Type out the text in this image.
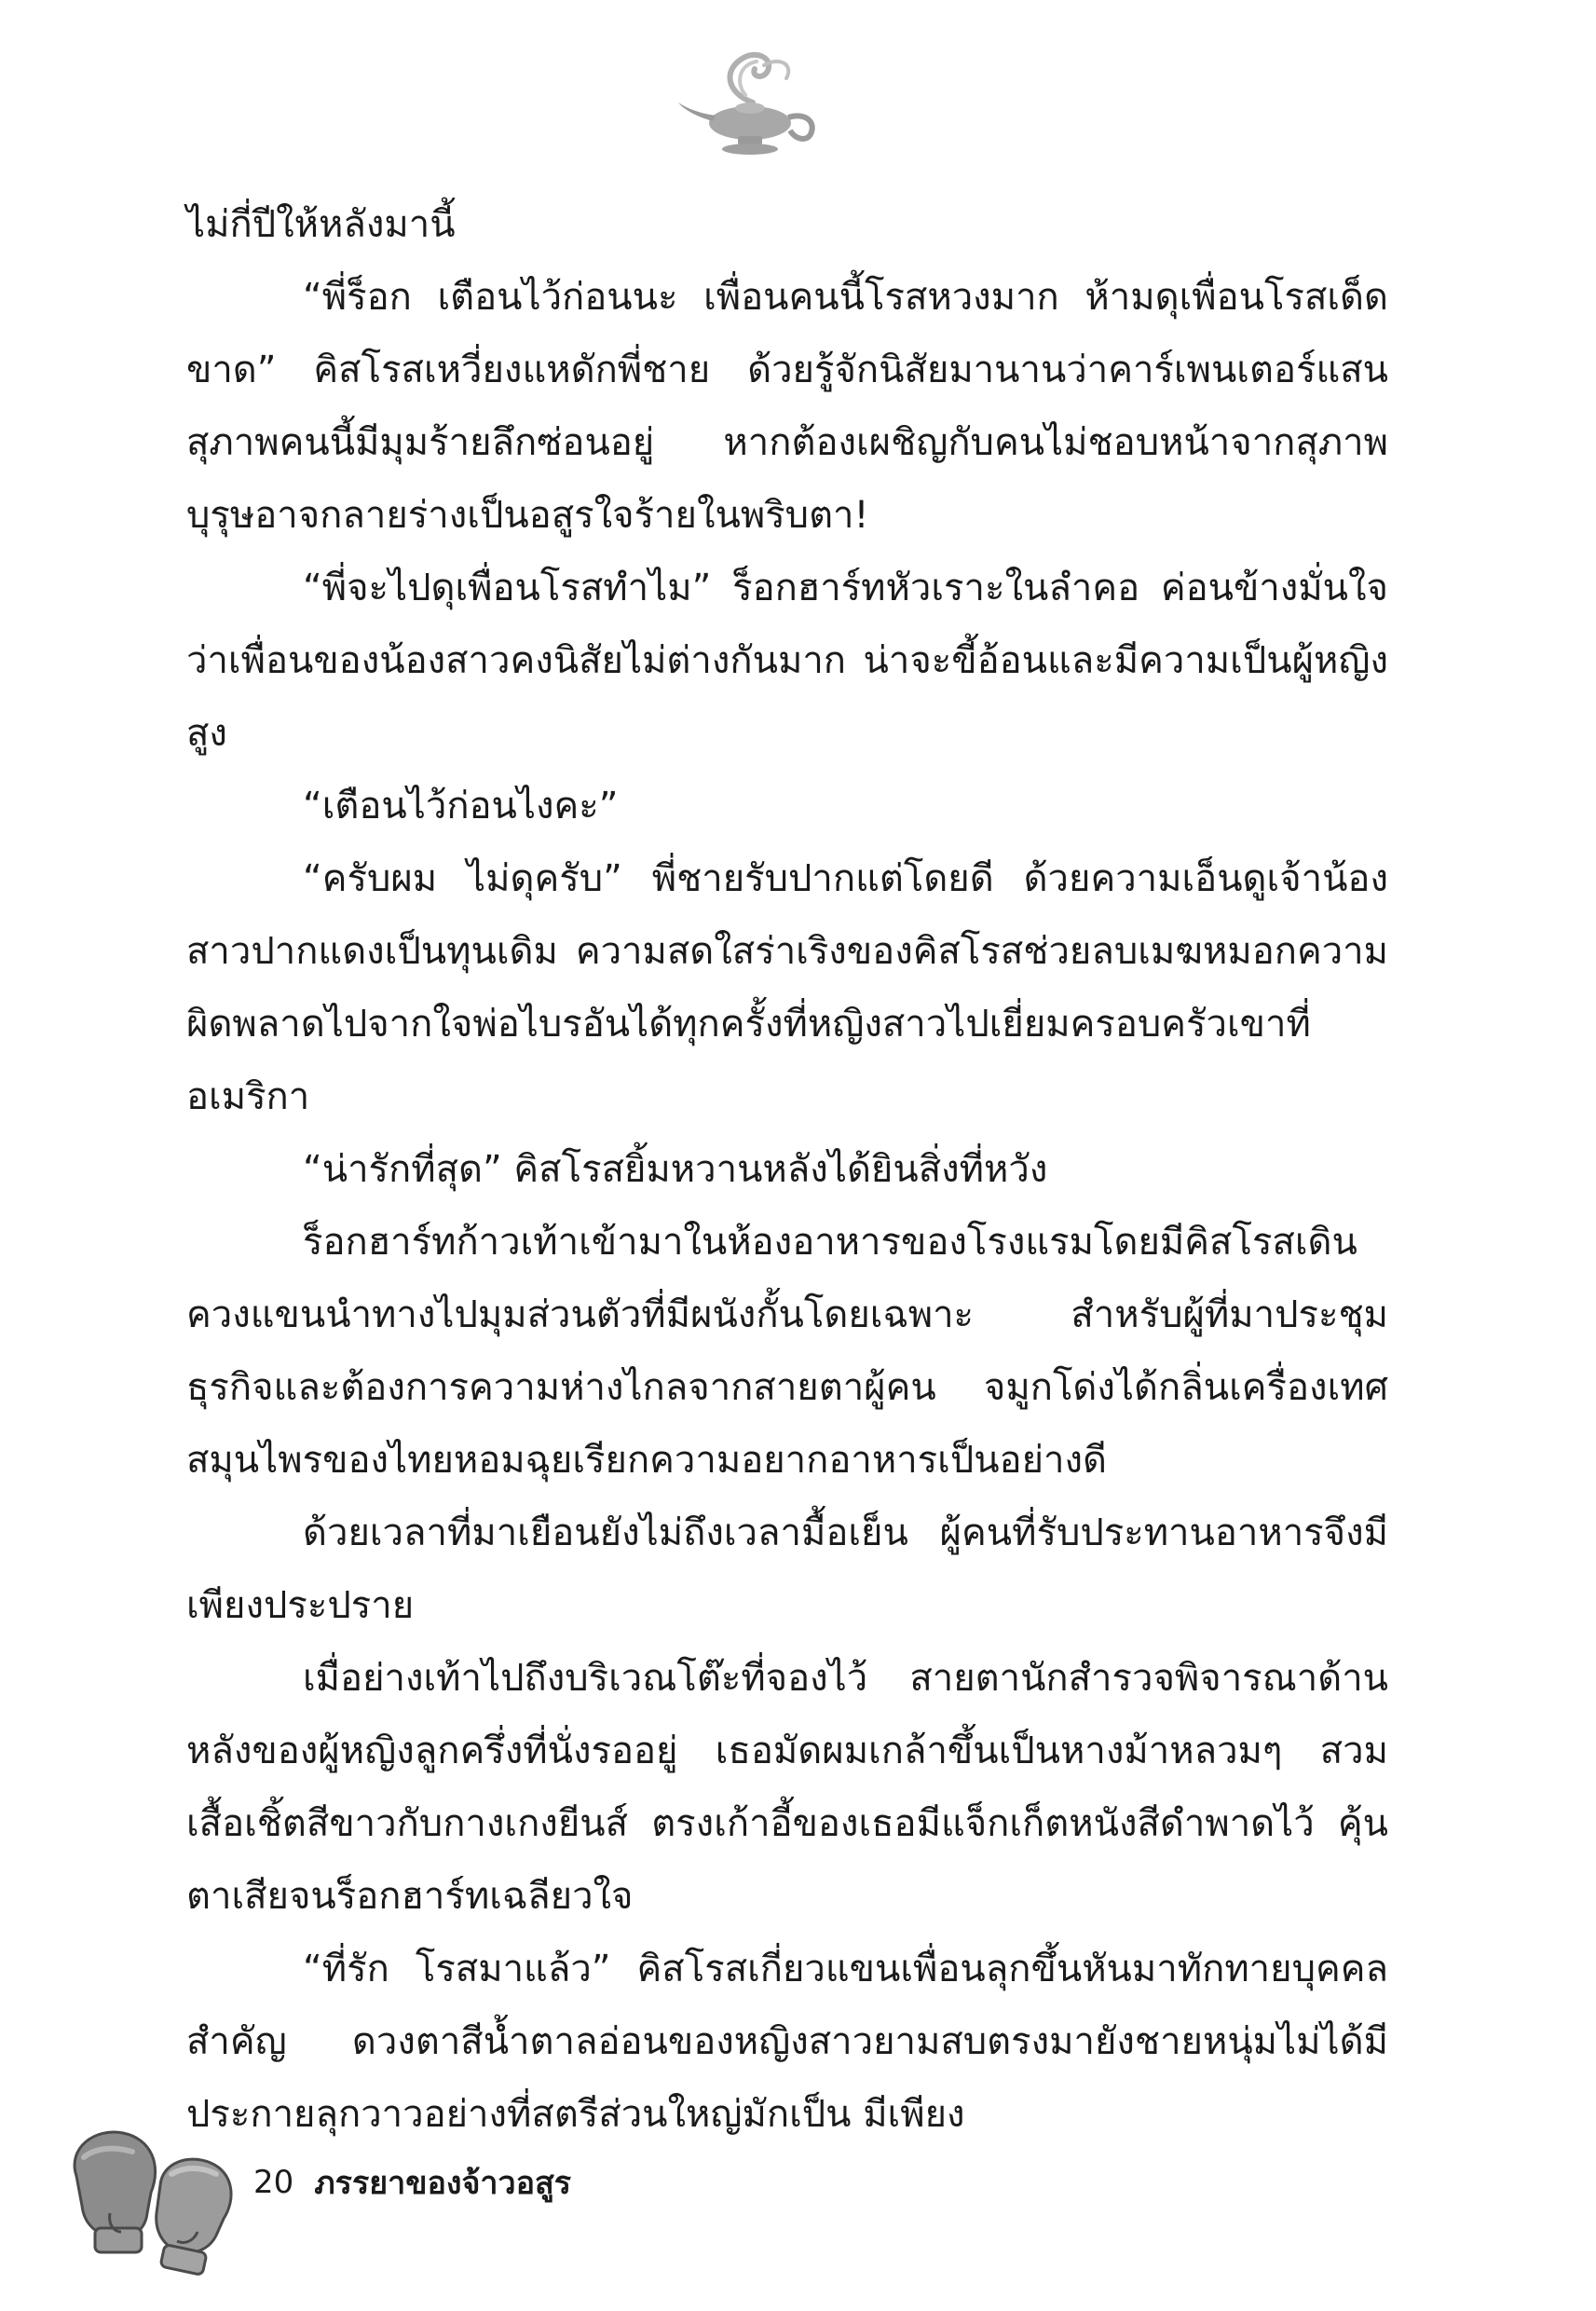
ไม่กี่ปีให้หลังมานี้

“พี่ร็อก เตือนไว้ก่อนนะ เพื่อนคนนี้โรสหวงมาก ห้ามดุเพื่อนโรสเด็ดขาด” คิสโรสเหวี่ยงแหดักพี่ชาย ด้วยรู้จักนิสัยมานานว่าคาร์เพนเตอร์แสนสุภาพคนนี้มีมุมร้ายลึกซ่อนอยู่ หากต้องเผชิญกับคนไม่ชอบหน้าจากสุภาพบุรุษอาจกลายร่างเป็นอสูรใจร้ายในพริบตา!

“พี่จะไปดุเพื่อนโรสทำไม” ร็อกฮาร์ทหัวเราะในลำคอ ค่อนข้างมั่นใจว่าเพื่อนของน้องสาวคงนิสัยไม่ต่างกันมาก น่าจะขี้อ้อนและมีความเป็นผู้หญิงสูง

“เตือนไว้ก่อนไงคะ”

“ครับผม ไม่ดุครับ” พี่ชายรับปากแต่โดยดี ด้วยความเอ็นดูเจ้าน้องสาวปากแดงเป็นทุนเดิม ความสดใสร่าเริงของคิสโรสช่วยลบเมฆหมอกความผิดพลาดไปจากใจพ่อไบรอันได้ทุกครั้งที่หญิงสาวไปเยี่ยมครอบครัวเขาที่อเมริกา

“น่ารักที่สุด” คิสโรสยิ้มหวานหลังได้ยินสิ่งที่หวัง

ร็อกฮาร์ทก้าวเท้าเข้ามาในห้องอาหารของโรงแรมโดยมีคิสโรสเดินควงแขนนำทางไปมุมส่วนตัวที่มีผนังกั้นโดยเฉพาะ สำหรับผู้ที่มาประชุมธุรกิจและต้องการความห่างไกลจากสายตาผู้คน จมูกโด่งได้กลิ่นเครื่องเทศ สมุนไพรของไทยหอมฉุยเรียกความอยากอาหารเป็นอย่างดี

ด้วยเวลาที่มาเยือนยังไม่ถึงเวลามื้อเย็น ผู้คนที่รับประทานอาหารจึงมีเพียงประปราย

เมื่อย่างเท้าไปถึงบริเวณโต๊ะที่จองไว้ สายตานักสำรวจพิจารณาด้านหลังของผู้หญิงลูกครึ่งที่นั่งรออยู่ เธอมัดผมเกล้าขึ้นเป็นหางม้าหลวมๆ สวมเสื้อเชิ้ตสีขาวกับกางเกงยีนส์ ตรงเก้าอี้ของเธอมีแจ็กเก็ตหนังสีดำพาดไว้ คุ้นตาเสียจนร็อกฮาร์ทเฉลียวใจ

“ที่รัก โรสมาแล้ว” คิสโรสเกี่ยวแขนเพื่อนลุกขึ้นหันมาทักทายบุคคลสำคัญ ดวงตาสีน้ำตาลอ่อนของหญิงสาวยามสบตรงมายังชายหนุ่มไม่ได้มีประกายลุกวาวอย่างที่สตรีส่วนใหญ่มักเป็น มีเพียง

20 ภรรยาของจ้าวอสูร
